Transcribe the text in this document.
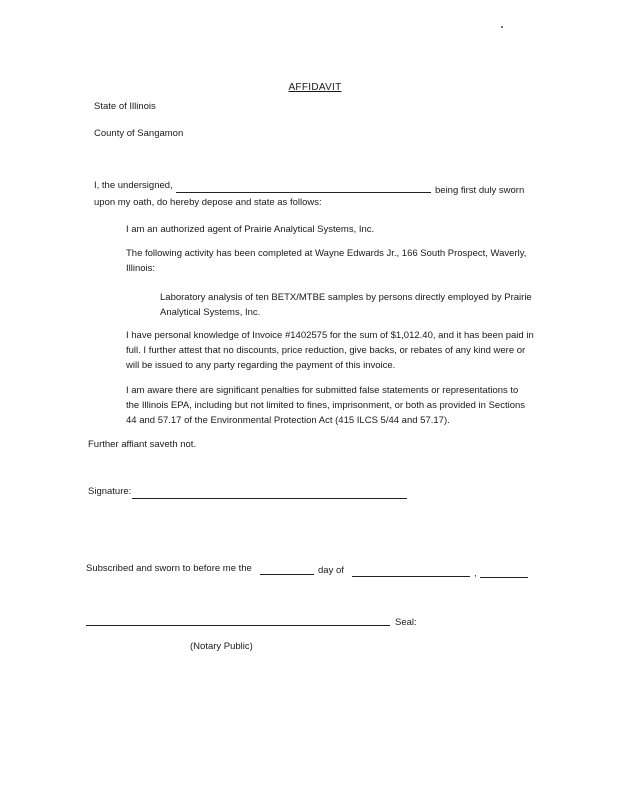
AFFIDAVIT
State of Illinois
County of Sangamon
I, the undersigned,	being first duly sworn
upon my oath, do hereby depose and state as follows:
I am an authorized agent of Prairie Analytical Systems, Inc.
The following activity has been completed at Wayne Edwards Jr., 166 South Prospect, Waverly,
Illinois:
Laboratory analysis of ten BETX/MTBE samples by persons directly employed by Prairie
Analytical Systems, Inc.
I have personal knowledge of Invoice #1402575 for the sum of $1,012.40, and it has been paid in
full. I further attest that no discounts, price reduction, give backs, or rebates of any kind were or
will be issued to any party regarding the payment of this invoice.
I am aware there are significant penalties for submitted false statements or representations to
the Illinois EPA, including but not limited to fines, imprisonment, or both as provided in Sections
44 and 57.17 of the Environmental Protection Act (415 ILCS 5/44 and 57.17).
Further affiant saveth not.
Signature:
Subscribed and sworn to before me the	day of	,
Seal:
(Notary Public)
